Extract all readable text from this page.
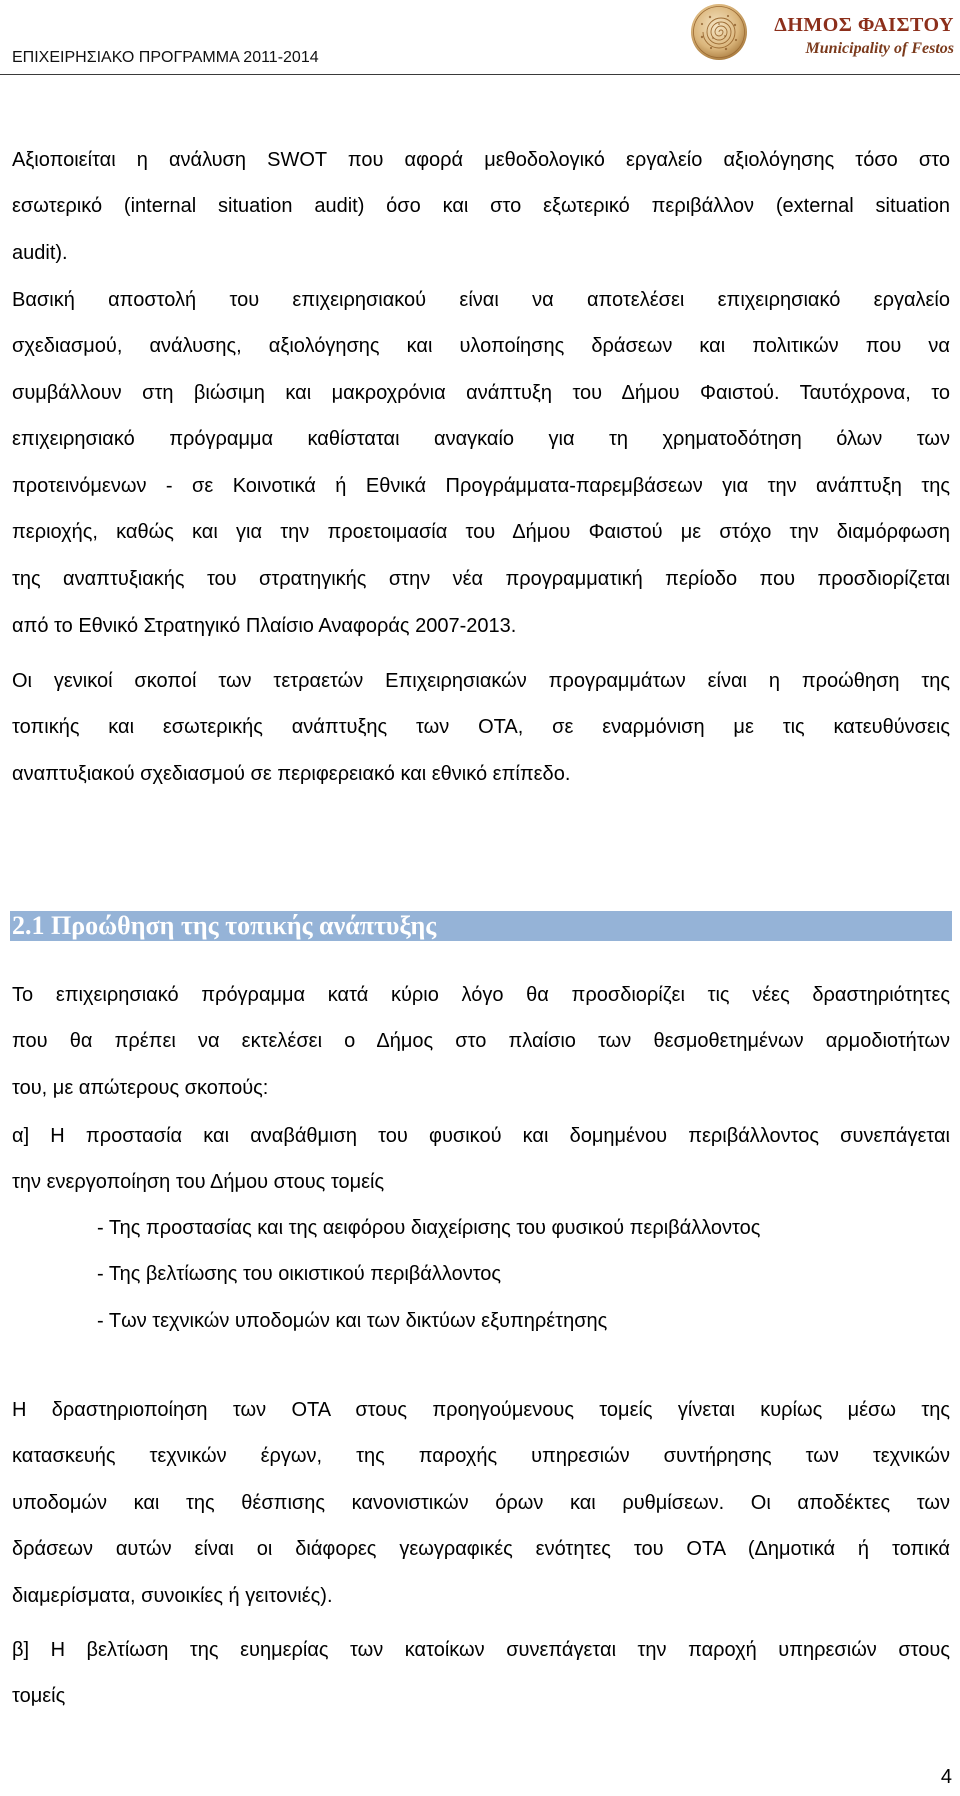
ΕΠΙΧΕΙΡΗΣΙΑΚΟ ΠΡΟΓΡΑΜΜΑ 2011-2014
ΔΗΜΟΣ ΦΑΙΣΤΟΥ
Municipality of Festos
Αξιοποιείται η ανάλυση SWOT που αφορά μεθοδολογικό εργαλείο αξιολόγησης τόσο στο
εσωτερικό (internal situation audit) όσο και στο εξωτερικό περιβάλλον (external situation
audit).
Βασική αποστολή του επιχειρησιακού είναι να αποτελέσει επιχειρησιακό εργαλείο
σχεδιασμού, ανάλυσης, αξιολόγησης και υλοποίησης δράσεων και πολιτικών που να
συμβάλλουν στη βιώσιμη και μακροχρόνια ανάπτυξη του Δήμου Φαιστού. Ταυτόχρονα, το
επιχειρησιακό πρόγραμμα καθίσταται αναγκαίο για τη χρηματοδότηση όλων των
προτεινόμενων - σε Κοινοτικά ή Εθνικά Προγράμματα-παρεμβάσεων για την ανάπτυξη της
περιοχής, καθώς και για την προετοιμασία του Δήμου Φαιστού με στόχο την διαμόρφωση
της αναπτυξιακής του στρατηγικής στην νέα προγραμματική περίοδο που προσδιορίζεται
από το Εθνικό Στρατηγικό Πλαίσιο Αναφοράς 2007-2013.
Οι γενικοί σκοποί των τετραετών Επιχειρησιακών προγραμμάτων είναι η προώθηση της
τοπικής και εσωτερικής ανάπτυξης των ΟΤΑ, σε εναρμόνιση με τις κατευθύνσεις
αναπτυξιακού σχεδιασμού σε περιφερειακό και εθνικό επίπεδο.
2.1 Προώθηση της τοπικής ανάπτυξης
Το επιχειρησιακό πρόγραμμα κατά κύριο λόγο θα προσδιορίζει τις νέες δραστηριότητες
που θα πρέπει να εκτελέσει ο Δήμος στο πλαίσιο των θεσμοθετημένων αρμοδιοτήτων
του, με απώτερους σκοπούς:
α] Η προστασία και αναβάθμιση του φυσικού και δομημένου περιβάλλοντος συνεπάγεται
την ενεργοποίηση του Δήμου στους τομείς
- Της προστασίας και της αειφόρου διαχείρισης του φυσικού περιβάλλοντος
- Της βελτίωσης του οικιστικού περιβάλλοντος
- Των τεχνικών υποδομών και των δικτύων εξυπηρέτησης
Η δραστηριοποίηση των ΟΤΑ στους προηγούμενους τομείς γίνεται κυρίως μέσω της
κατασκευής τεχνικών έργων, της παροχής υπηρεσιών συντήρησης των τεχνικών
υποδομών και της θέσπισης κανονιστικών όρων και ρυθμίσεων. Οι αποδέκτες των
δράσεων αυτών είναι οι διάφορες γεωγραφικές ενότητες του ΟΤΑ (Δημοτικά ή τοπικά
διαμερίσματα, συνοικίες ή γειτονιές).
β] Η βελτίωση της ευημερίας των κατοίκων συνεπάγεται την παροχή υπηρεσιών στους
τομείς
4
